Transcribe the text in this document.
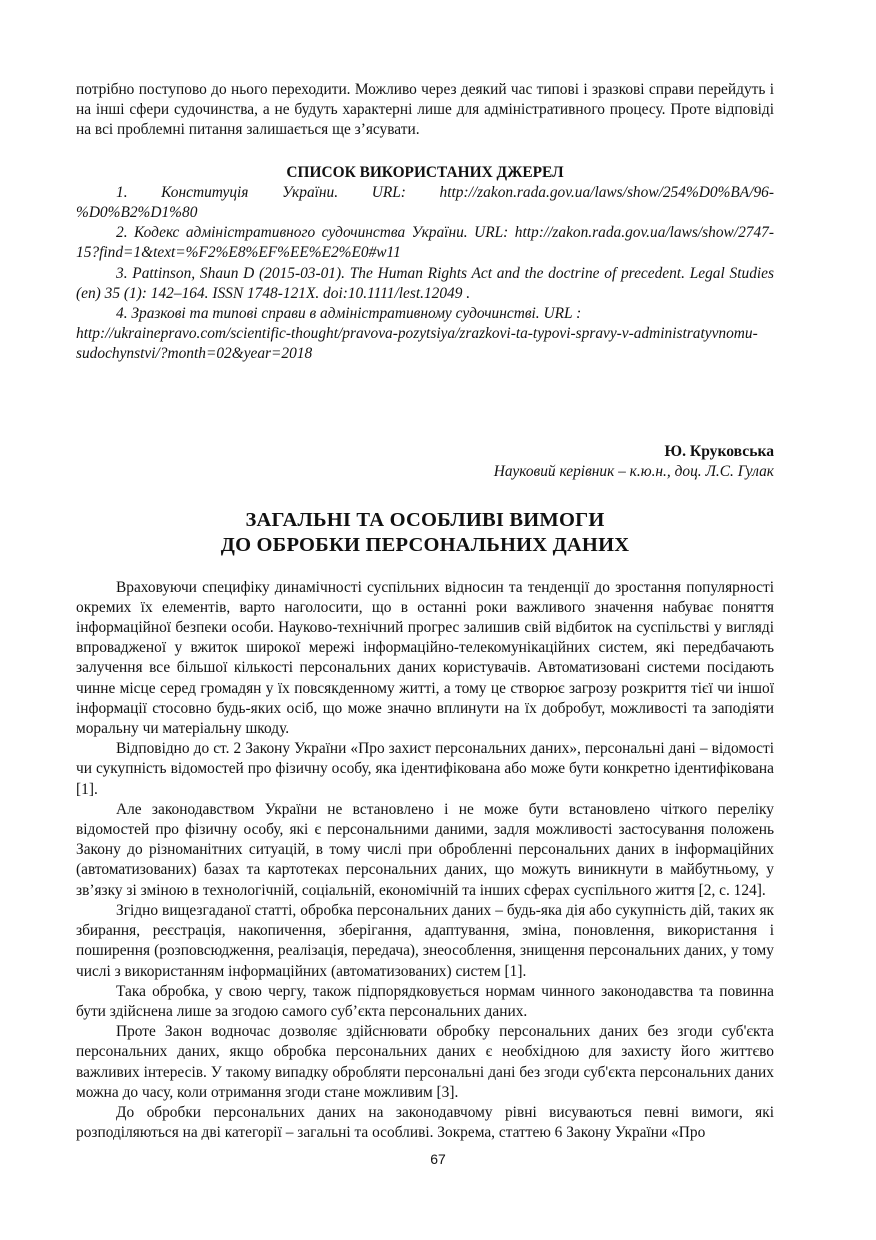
потрібно поступово до нього переходити. Можливо через деякий час типові і зразкові справи перейдуть і на інші сфери судочинства, а не будуть характерні лише для адміністративного процесу. Проте відповіді на всі проблемні питання залишається ще з’ясувати.

СПИСОК ВИКОРИСТАНИХ ДЖЕРЕЛ

1. Конституція України. URL: http://zakon.rada.gov.ua/laws/show/254%D0%BA/96-%D0%B2%D1%80

2. Кодекс адміністративного судочинства України. URL: http://zakon.rada.gov.ua/laws/show/2747-15?find=1&text=%F2%E8%EF%EE%E2%E0#w11

3. Pattinson, Shaun D (2015-03-01). The Human Rights Act and the doctrine of precedent. Legal Studies (en) 35 (1): 142–164. ISSN 1748-121X. doi:10.1111/lest.12049 .

4. Зразкові та типові справи в адміністративному судочинстві. URL : http://ukrainepravo.com/scientific-thought/pravova-pozytsiya/zrazkovi-ta-typovi-spravy-v-administratyvnomu-sudochynstvi/?month=02&year=2018

Ю. Круковська
Науковий керівник – к.ю.н., доц. Л.С. Гулак
ЗАГАЛЬНІ ТА ОСОБЛИВІ ВИМОГИ
ДО ОБРОБКИ ПЕРСОНАЛЬНИХ ДАНИХ

Враховуючи специфіку динамічності суспільних відносин та тенденції до зростання популярності окремих їх елементів, варто наголосити, що в останні роки важливого значення набуває поняття інформаційної безпеки особи. Науково-технічний прогрес залишив свій відбиток на суспільстві у вигляді впровадженої у вжиток широкої мережі інформаційно-телекомунікаційних систем, які передбачають залучення все більшої кількості персональних даних користувачів. Автоматизовані системи посідають чинне місце серед громадян у їх повсякденному житті, а тому це створює загрозу розкриття тієї чи іншої інформації стосовно будь-яких осіб, що може значно вплинути на їх добробут, можливості та заподіяти моральну чи матеріальну шкоду.

Відповідно до ст. 2 Закону України «Про захист персональних даних», персональні дані – відомості чи сукупність відомостей про фізичну особу, яка ідентифікована або може бути конкретно ідентифікована [1].

Але законодавством України не встановлено і не може бути встановлено чіткого переліку відомостей про фізичну особу, які є персональними даними, задля можливості застосування положень Закону до різноманітних ситуацій, в тому числі при обробленні персональних даних в інформаційних (автоматизованих) базах та картотеках персональних даних, що можуть виникнути в майбутньому, у зв’язку зі зміною в технологічній, соціальній, економічній та інших сферах суспільного життя [2, с. 124].

Згідно вищезгаданої статті, обробка персональних даних – будь-яка дія або сукупність дій, таких як збирання, реєстрація, накопичення, зберігання, адаптування, зміна, поновлення, використання і поширення (розповсюдження, реалізація, передача), знеособлення, знищення персональних даних, у тому числі з використанням інформаційних (автоматизованих) систем [1].

Така обробка, у свою чергу, також підпорядковується нормам чинного законодавства та повинна бути здійснена лише за згодою самого суб’єкта персональних даних.

Проте Закон водночас дозволяє здійснювати обробку персональних даних без згоди суб'єкта персональних даних, якщо обробка персональних даних є необхідною для захисту його життєво важливих інтересів. У такому випадку обробляти персональні дані без згоди суб'єкта персональних даних можна до часу, коли отримання згоди стане можливим [3].

До обробки персональних даних на законодавчому рівні висуваються певні вимоги, які розподіляються на дві категорії – загальні та особливі. Зокрема, статтею 6 Закону України «Про

67
